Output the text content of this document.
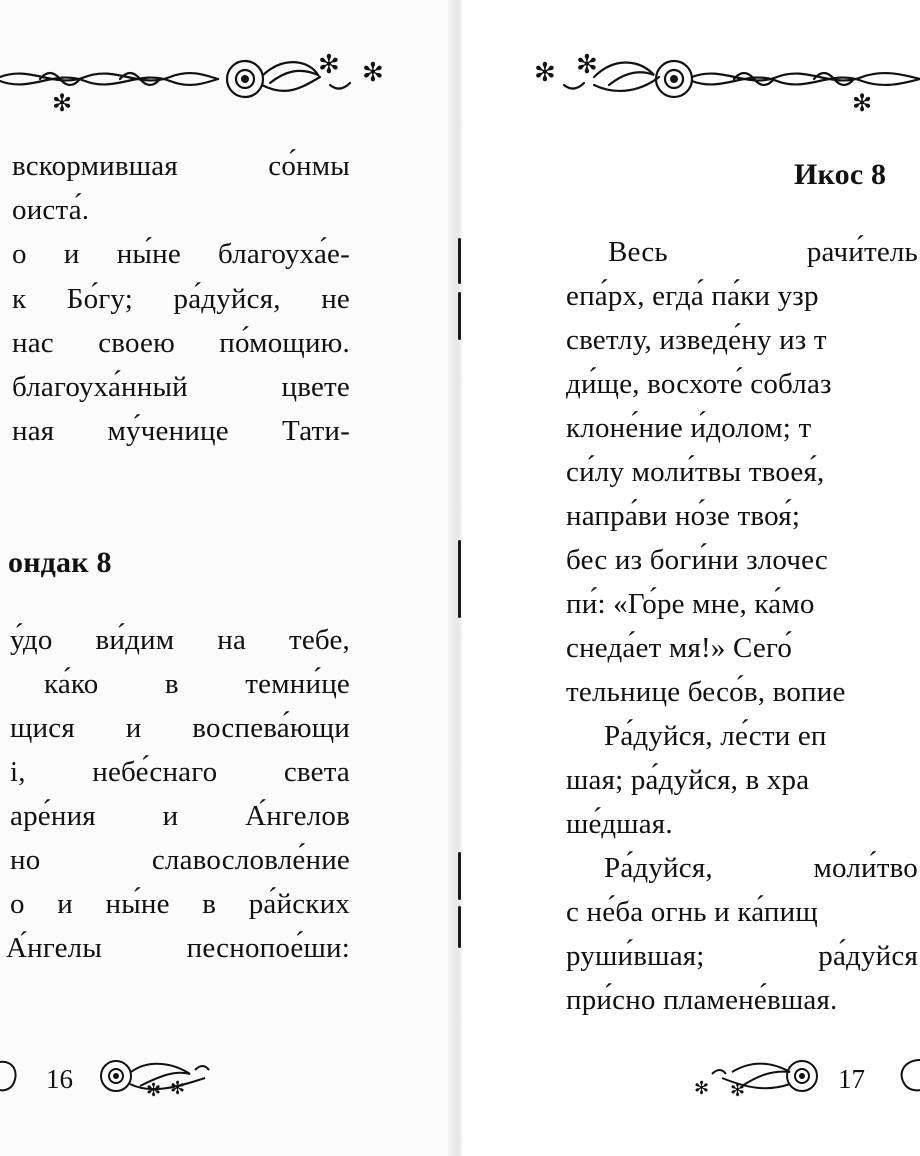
✻ ✻
✻
вскормившая со́нмы
оиста́.
о и ны́не благоуха́е-
к Бо́гу; ра́дуйся, не
нас своею по́мощию.
благоуха́нный цвете
ная му́ченице Тати-
ондак 8
у́до ви́дим на тебе,
ка́ко в темни́це
щися и воспева́ющи
і, небе́снаго света
аре́ния и А́нгелов
но славословле́ние
о и ны́не в ра́йских
А́нгелы песнопое́ши:
✻ ✻
16
✻ ✻
✻
Икос 8
Весь рачи́тель
епа́рх, егда́ па́ки узр
светлу, изведе́ну из т
ди́ще, восхоте́ соблаз
клоне́ние и́долом; т
си́лу моли́твы твоея́,
напра́ви но́зе твоя́;
бес из боги́ни злочес
пи́: «Го́ре мне, ка́мо
снеда́ет мя!» Сего́
тельнице бесо́в, вопие
Ра́дуйся, ле́сти еп
шая; ра́дуйся, в хра
ше́дшая.
Ра́дуйся, моли́тво
с не́ба огнь и ка́пищ
руши́вшая; ра́дуйся
при́сно пламене́вшая.
✻ ✻	17
